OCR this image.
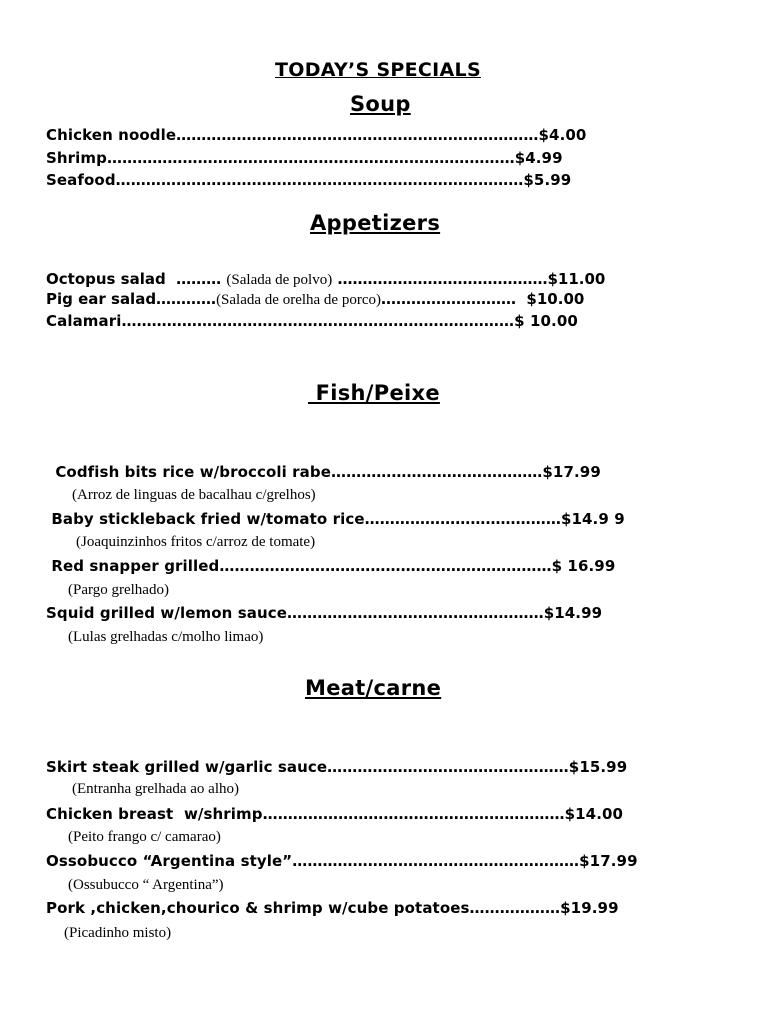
TODAY’S SPECIALS
Soup
Chicken noodle………………………………………………………………$4.00
Shrimp………………………………………………………………………$4.99
Seafood………………………………………………………………………$5.99
Appetizers
Octopus salad  ……… (Salada de polvo) ……………………………………$11.00
Pig ear salad…………(Salada de orelha de porco)………………………  $10.00
Calamari……………………………………………………………………$ 10.00
Fish/Peixe
Codfish bits rice w/broccoli rabe……………………………………$17.99
(Arroz de linguas de bacalhau c/grelhos)
Baby stickleback fried w/tomato rice…………………………………$14.9 9
(Joaquinzinhos fritos c/arroz de tomate)
Red snapper grilled…………………………………………………………$ 16.99
(Pargo grelhado)
Squid grilled w/lemon sauce……………………………………………$14.99
(Lulas grelhadas c/molho limao)
Meat/carne
Skirt steak grilled w/garlic sauce…………………………………………$15.99
(Entranha grelhada ao alho)
Chicken breast  w/shrimp……………………………………………………$14.00
(Peito frango c/ camarao)
Ossobucco “Argentina style”…………………………………………………$17.99
(Ossubucco “ Argentina”)
Pork ,chicken,chourico & shrimp w/cube potatoes………………$19.99
(Picadinho misto)
